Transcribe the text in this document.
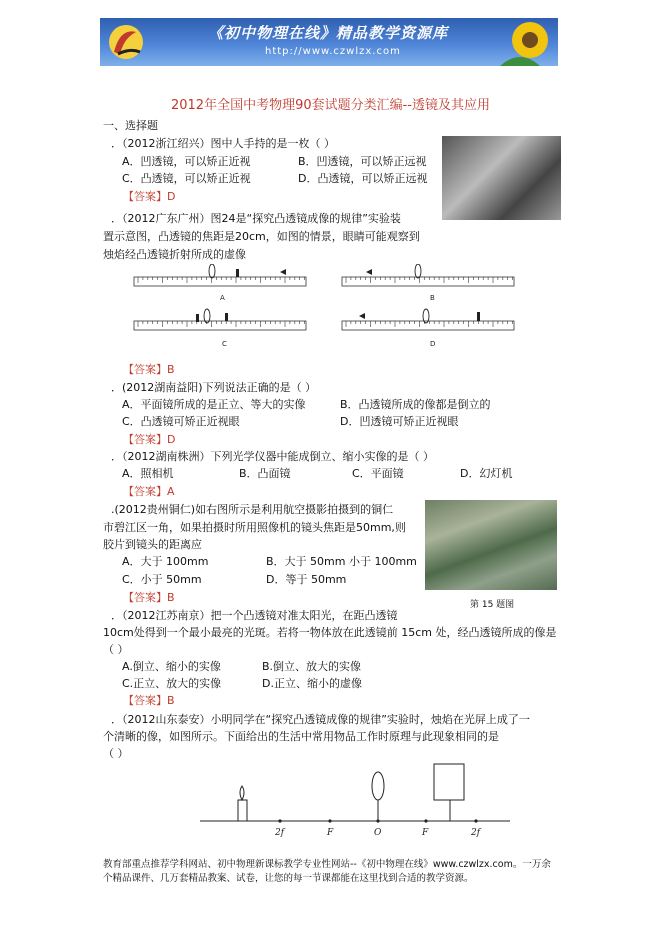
《初中物理在线》精品教学资源库
http://www.czwlzx.com
2012年全国中考物理90套试题分类汇编--透镜及其应用
一、选择题
．（2012浙江绍兴）图中人手持的是一枚（ ）
A．凹透镜，可以矫正近视	B．凹透镜，可以矫正远视
C．凸透镜，可以矫正近视	D．凸透镜，可以矫正远视
【答案】D
．（2012广东广州）图24是“探究凸透镜成像的规律”实验装
置示意图，凸透镜的焦距是20cm，如图的情景，眼睛可能观察到
烛焰经凸透镜折射所成的虚像
A	B
C	D
【答案】B
．(2012湖南益阳)下列说法正确的是（ ）
A．平面镜所成的是正立、等大的实像	B．凸透镜所成的像都是倒立的
C．凸透镜可矫正近视眼	D．凹透镜可矫正近视眼
【答案】D
．（2012湖南株洲）下列光学仪器中能成倒立、缩小实像的是（ ）
A．照相机	B．凸面镜	C．平面镜	D．幻灯机
【答案】A
.(2012贵州铜仁)如右图所示是利用航空摄影拍摄到的铜仁
市碧江区一角，如果拍摄时所用照像机的镜头焦距是50mm,则
胶片到镜头的距离应
A．大于 100mm	B．大于 50mm 小于 100mm
C．小于 50mm	D．等于 50mm
【答案】B
第 15 题图
．（2012江苏南京）把一个凸透镜对准太阳光，在距凸透镜
10cm处得到一个最小最亮的光斑。若将一物体放在此透镜前 15cm 处，经凸透镜所成的像是
（ ）
A.倒立、缩小的实像	B.倒立、放大的实像
C.正立、放大的实像	D.正立、缩小的虚像
【答案】B
．（2012山东泰安）小明同学在“探究凸透镜成像的规律”实验时，烛焰在光屏上成了一
个清晰的像，如图所示。下面给出的生活中常用物品工作时原理与此现象相同的是
（ ）
2f	F	O	F	2f
教育部重点推荐学科网站、初中物理新课标教学专业性网站--《初中物理在线》www.czwlzx.com。一万余
个精品课件、几万套精品教案、试卷，让您的每一节课都能在这里找到合适的教学资源。
